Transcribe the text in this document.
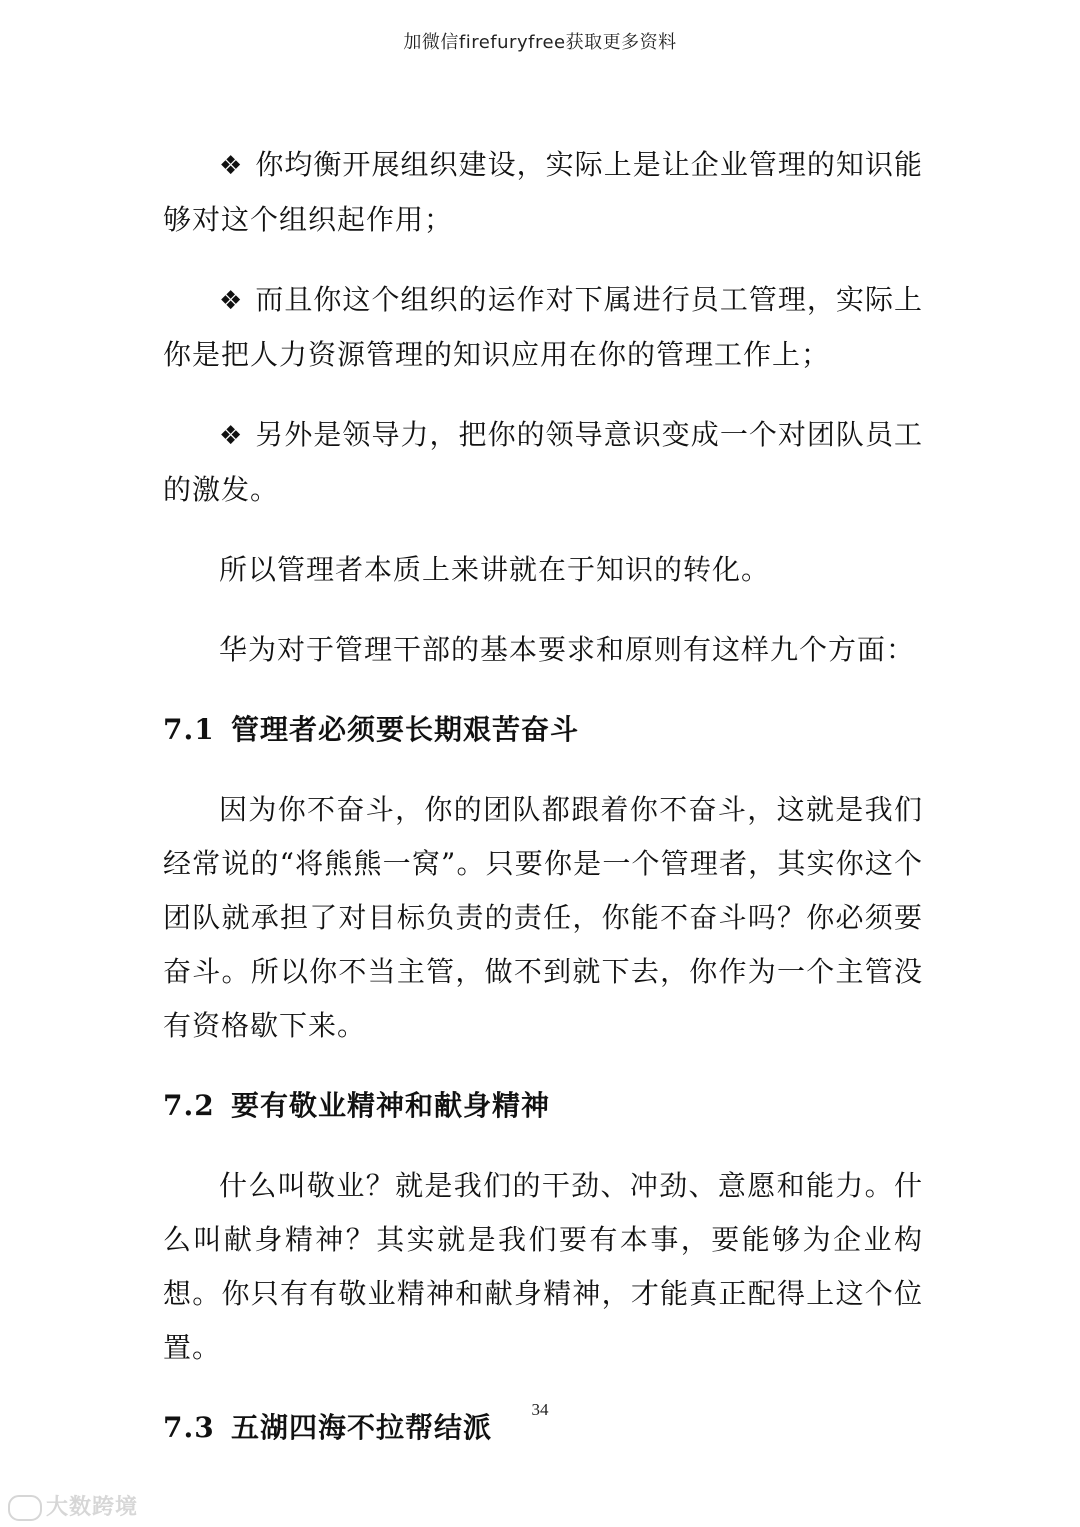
加微信firefuryfree获取更多资料

❖ 你均衡开展组织建设，实际上是让企业管理的知识能够对这个组织起作用；

❖ 而且你这个组织的运作对下属进行员工管理，实际上你是把人力资源管理的知识应用在你的管理工作上；

❖ 另外是领导力，把你的领导意识变成一个对团队员工的激发。

所以管理者本质上来讲就在于知识的转化。

华为对于管理干部的基本要求和原则有这样九个方面：

7.1 管理者必须要长期艰苦奋斗

因为你不奋斗，你的团队都跟着你不奋斗，这就是我们经常说的“将熊熊一窝”。只要你是一个管理者，其实你这个团队就承担了对目标负责的责任，你能不奋斗吗？你必须要奋斗。所以你不当主管，做不到就下去，你作为一个主管没有资格歇下来。

7.2 要有敬业精神和献身精神

什么叫敬业？就是我们的干劲、冲劲、意愿和能力。什么叫献身精神？其实就是我们要有本事，要能够为企业构想。你只有有敬业精神和献身精神，才能真正配得上这个位置。

7.3 五湖四海不拉帮结派
34
大数跨境
